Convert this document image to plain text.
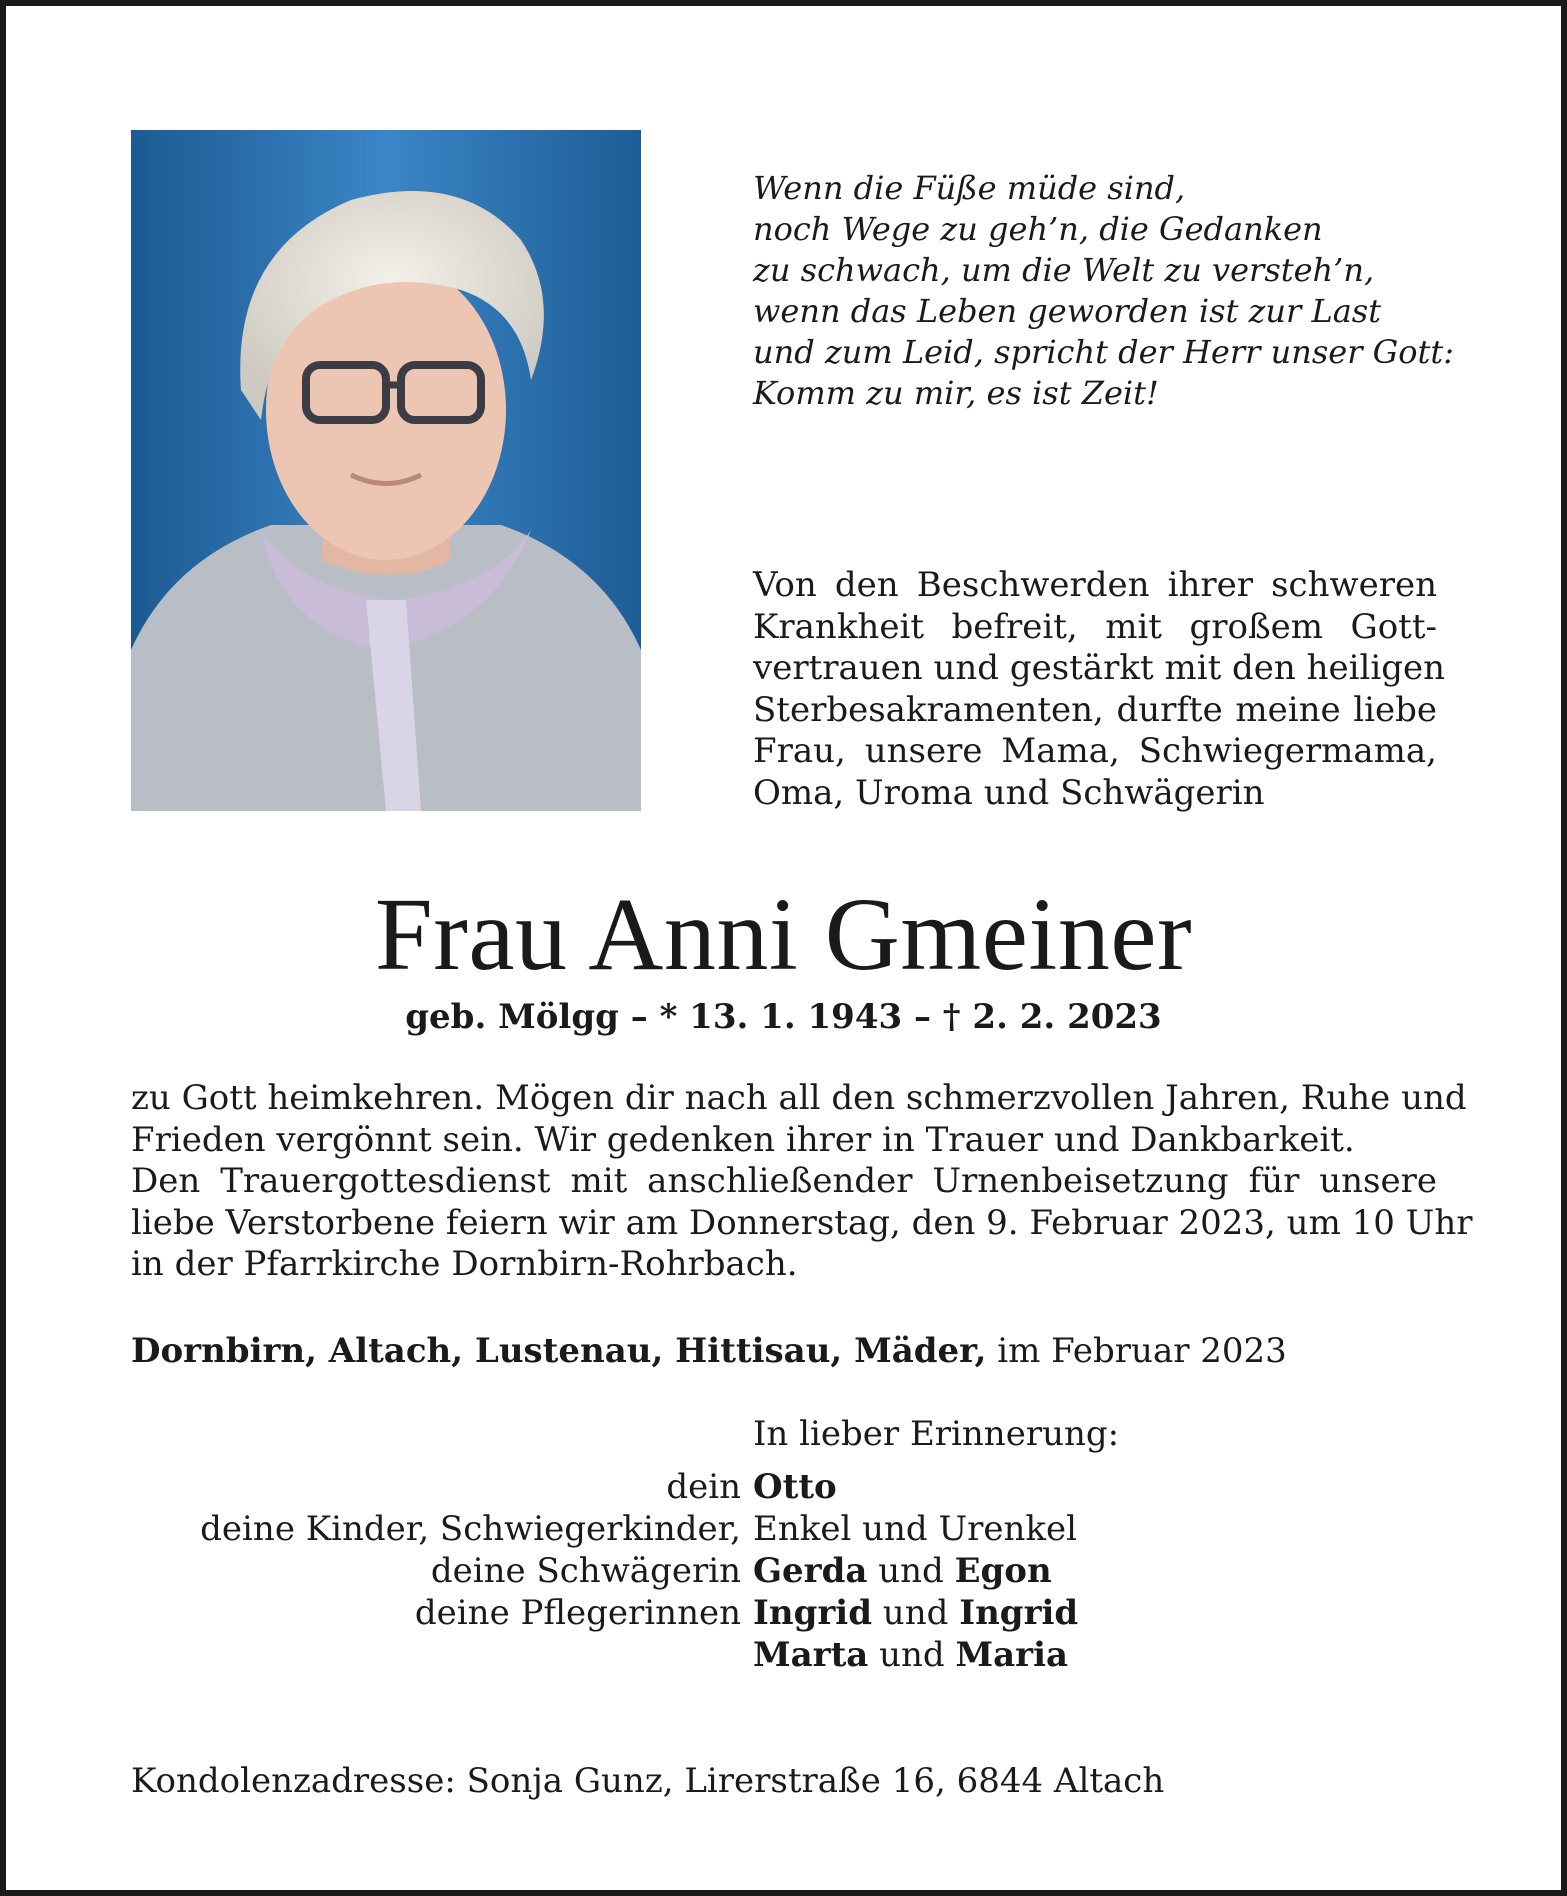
Wenn die Füße müde sind,
noch Wege zu geh’n, die Gedanken
zu schwach, um die Welt zu versteh’n,
wenn das Leben geworden ist zur Last
und zum Leid, spricht der Herr unser Gott:
Komm zu mir, es ist Zeit!
Von den Beschwerden ihrer schweren
Krankheit befreit, mit großem Gott-
vertrauen und gestärkt mit den heiligen
Sterbesakramenten, durfte meine liebe
Frau, unsere Mama, Schwiegermama,
Oma, Uroma und Schwägerin
Frau Anni Gmeiner
geb. Mölgg – * 13. 1. 1943 – † 2. 2. 2023
zu Gott heimkehren. Mögen dir nach all den schmerzvollen Jahren, Ruhe und
Frieden vergönnt sein. Wir gedenken ihrer in Trauer und Dankbarkeit.
Den Trauergottesdienst mit anschließender Urnenbeisetzung für unsere
liebe Verstorbene feiern wir am Donnerstag, den 9. Februar 2023, um 10 Uhr
in der Pfarrkirche Dornbirn-Rohrbach.
Dornbirn, Altach, Lustenau, Hittisau, Mäder, im Februar 2023
In lieber Erinnerung:
dein Otto
deine Kinder, Schwiegerkinder, Enkel und Urenkel
deine Schwägerin Gerda und Egon
deine Pflegerinnen Ingrid und Ingrid
Marta und Maria
Kondolenzadresse: Sonja Gunz, Lirerstraße 16, 6844 Altach
